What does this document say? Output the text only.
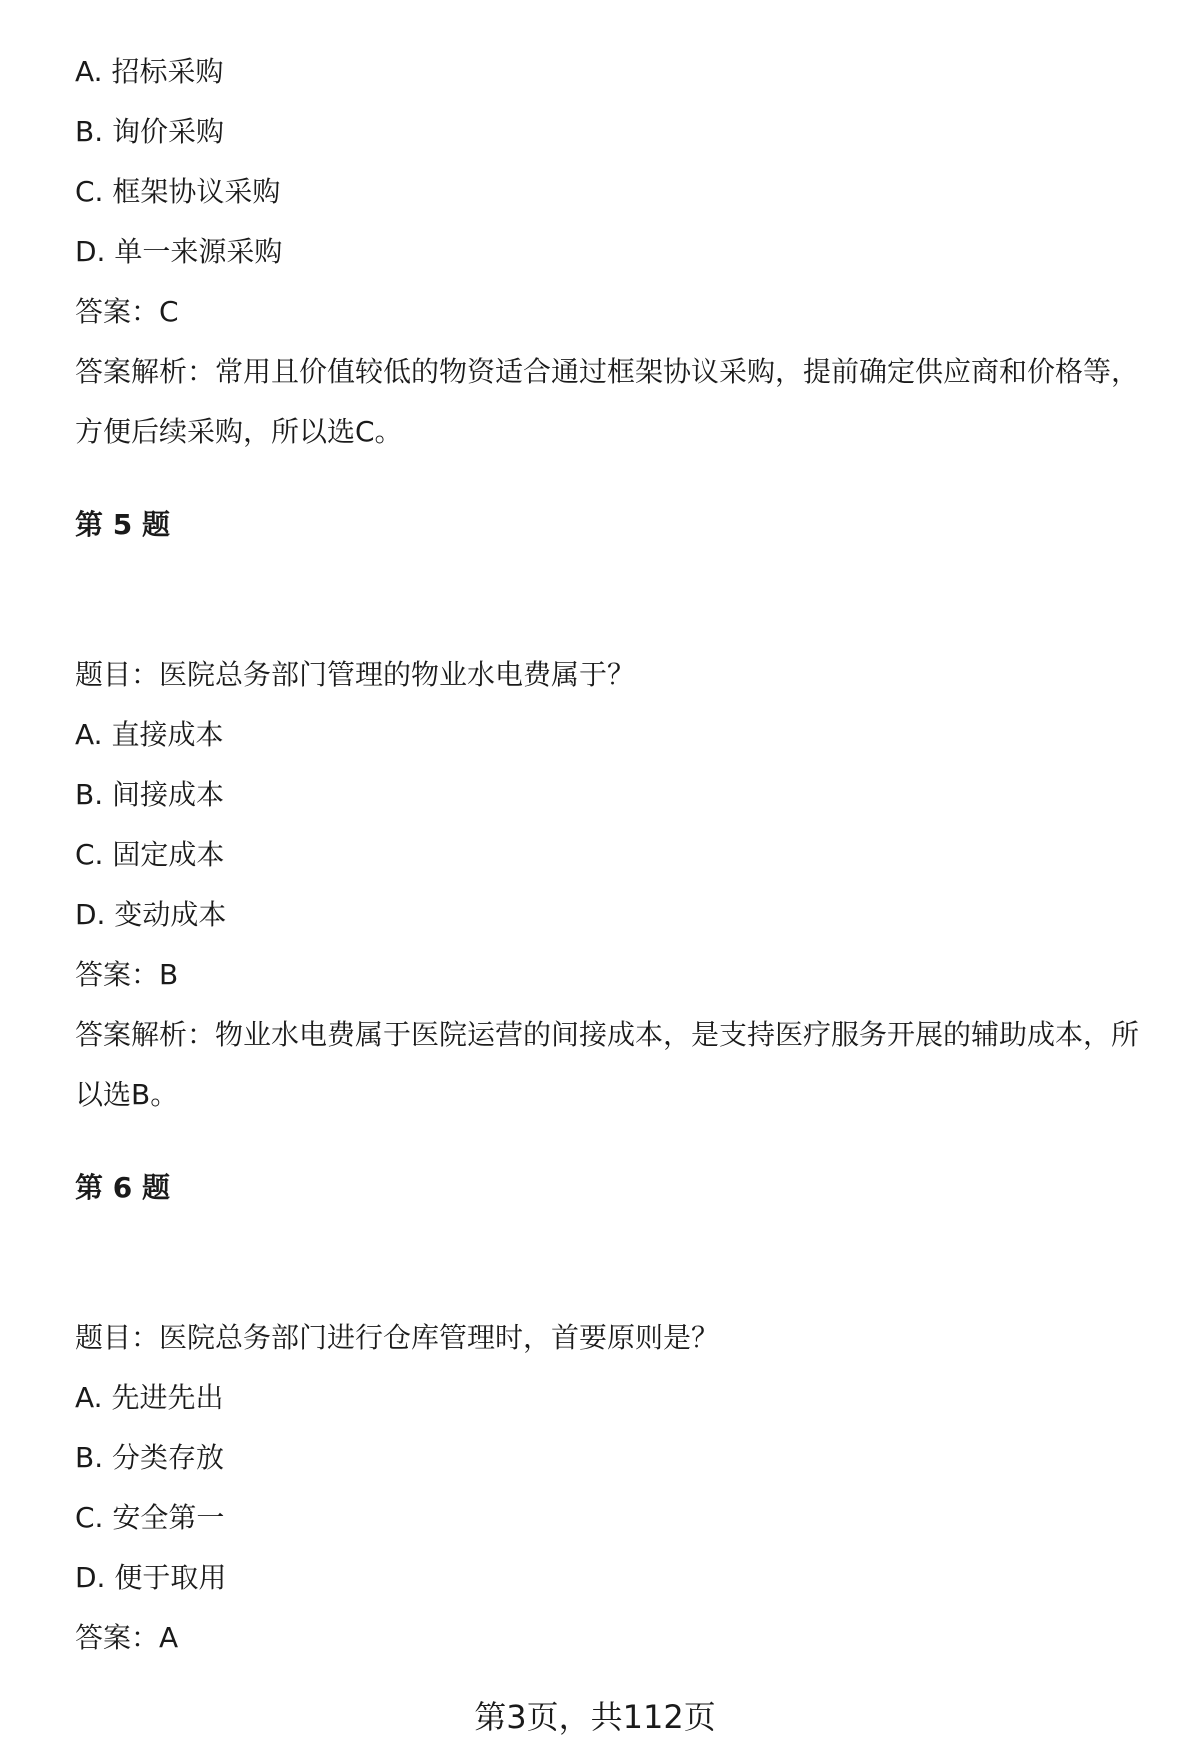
A. 招标采购
B. 询价采购
C. 框架协议采购
D. 单一来源采购
答案：C
答案解析：常用且价值较低的物资适合通过框架协议采购，提前确定供应商和价格等，方便后续采购，所以选C。
第 5 题
题目：医院总务部门管理的物业水电费属于？
A. 直接成本
B. 间接成本
C. 固定成本
D. 变动成本
答案：B
答案解析：物业水电费属于医院运营的间接成本，是支持医疗服务开展的辅助成本，所以选B。
第 6 题
题目：医院总务部门进行仓库管理时，首要原则是？
A. 先进先出
B. 分类存放
C. 安全第一
D. 便于取用
答案：A
第3页，共112页
